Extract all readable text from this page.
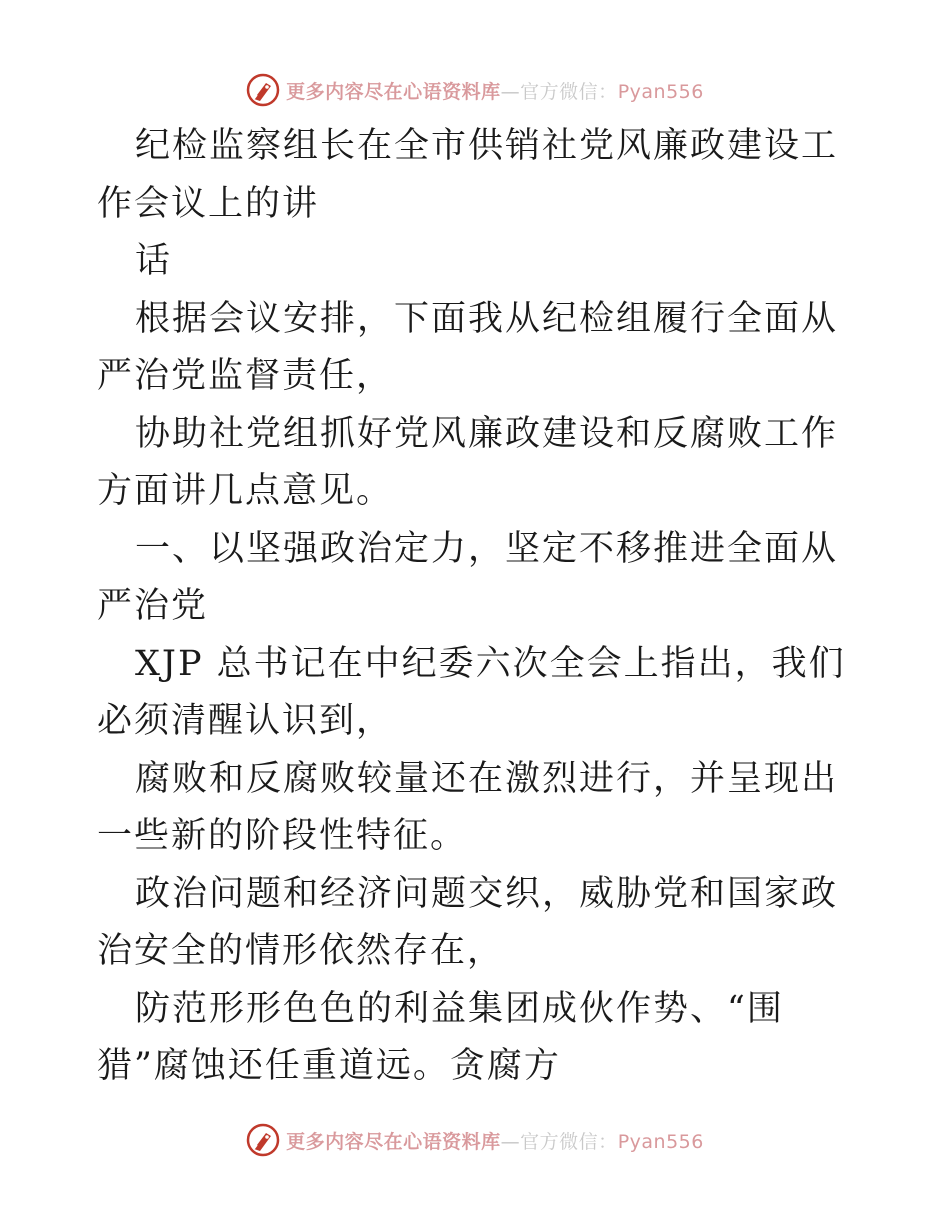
更多内容尽在心语资料库—官方微信：Pyan556

纪检监察组长在全市供销社党风廉政建设工作会议上的讲

话

根据会议安排，下面我从纪检组履行全面从严治党监督责任，

协助社党组抓好党风廉政建设和反腐败工作方面讲几点意见。

一、以坚强政治定力，坚定不移推进全面从严治党

XJP 总书记在中纪委六次全会上指出，我们必须清醒认识到，

腐败和反腐败较量还在激烈进行，并呈现出一些新的阶段性特征。

政治问题和经济问题交织，威胁党和国家政治安全的情形依然存在，

防范形形色色的利益集团成伙作势、“围猎”腐蚀还任重道远。贪腐方

更多内容尽在心语资料库—官方微信：Pyan556
